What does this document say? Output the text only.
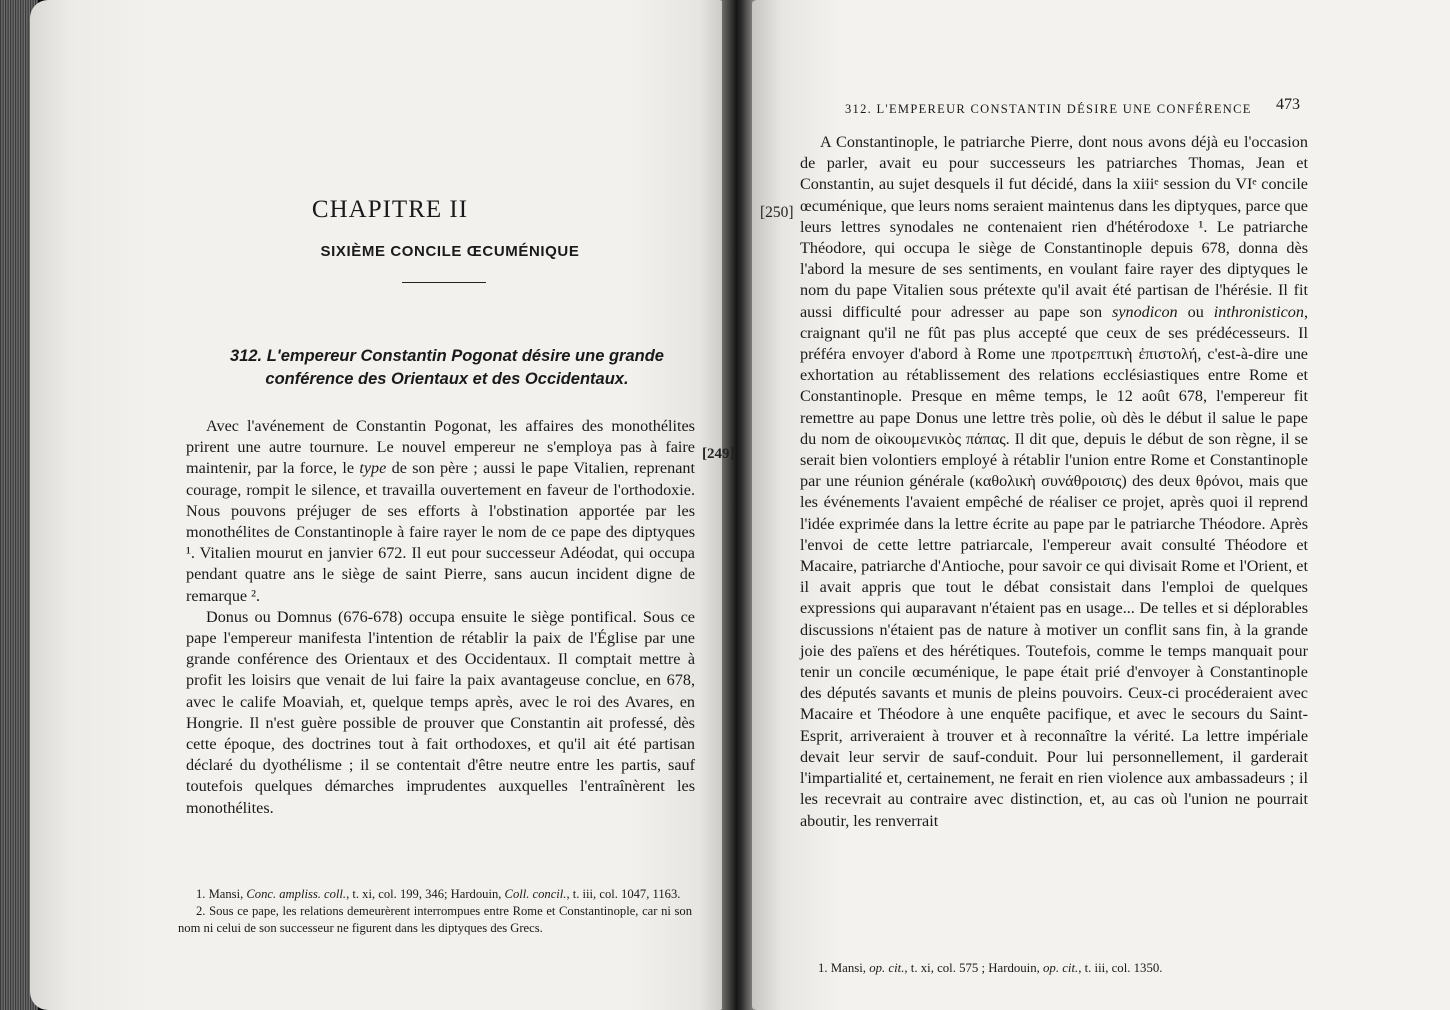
CHAPITRE II
SIXIÈME CONCILE ŒCUMÉNIQUE
312. L'empereur Constantin Pogonat désire une grande conférence des Orientaux et des Occidentaux.
[249]

Avec l'avénement de Constantin Pogonat, les affaires des monothélites prirent une autre tournure. Le nouvel empereur ne s'employa pas à faire maintenir, par la force, le type de son père ; aussi le pape Vitalien, reprenant courage, rompit le silence, et travailla ouvertement en faveur de l'orthodoxie. Nous pouvons préjuger de ses efforts à l'obstination apportée par les monothélites de Constantinople à faire rayer le nom de ce pape des diptyques ¹. Vitalien mourut en janvier 672. Il eut pour successeur Adéodat, qui occupa pendant quatre ans le siège de saint Pierre, sans aucun incident digne de remarque ².

Donus ou Domnus (676-678) occupa ensuite le siège pontifical. Sous ce pape l'empereur manifesta l'intention de rétablir la paix de l'Église par une grande conférence des Orientaux et des Occidentaux. Il comptait mettre à profit les loisirs que venait de lui faire la paix avantageuse conclue, en 678, avec le calife Moaviah, et, quelque temps après, avec le roi des Avares, en Hongrie. Il n'est guère possible de prouver que Constantin ait professé, dès cette époque, des doctrines tout à fait orthodoxes, et qu'il ait été partisan déclaré du dyothélisme ; il se contentait d'être neutre entre les partis, sauf toutefois quelques démarches imprudentes auxquelles l'entraînèrent les monothélites.

1. Mansi, Conc. ampliss. coll., t. xi, col. 199, 346; Hardouin, Coll. concil., t. iii, col. 1047, 1163.

2. Sous ce pape, les relations demeurèrent interrompues entre Rome et Constantinople, car ni son nom ni celui de son successeur ne figurent dans les diptyques des Grecs.

312. L'EMPEREUR CONSTANTIN DÉSIRE UNE CONFÉRENCE 473
[250]

A Constantinople, le patriarche Pierre, dont nous avons déjà eu l'occasion de parler, avait eu pour successeurs les patriarches Thomas, Jean et Constantin, au sujet desquels il fut décidé, dans la xiiiᵉ session du VIᵉ concile œcuménique, que leurs noms seraient maintenus dans les diptyques, parce que leurs lettres synodales ne contenaient rien d'hétérodoxe ¹. Le patriarche Théodore, qui occupa le siège de Constantinople depuis 678, donna dès l'abord la mesure de ses sentiments, en voulant faire rayer des diptyques le nom du pape Vitalien sous prétexte qu'il avait été partisan de l'hérésie. Il fit aussi difficulté pour adresser au pape son synodicon ou inthronisticon, craignant qu'il ne fût pas plus accepté que ceux de ses prédécesseurs. Il préféra envoyer d'abord à Rome une προτρεπτικὴ ἐπιστολή, c'est-à-dire une exhortation au rétablissement des relations ecclésiastiques entre Rome et Constantinople. Presque en même temps, le 12 août 678, l'empereur fit remettre au pape Donus une lettre très polie, où dès le début il salue le pape du nom de οἰκουμενικὸς πάπας. Il dit que, depuis le début de son règne, il se serait bien volontiers employé à rétablir l'union entre Rome et Constantinople par une réunion générale (καθολικὴ συνάθροισις) des deux θρόνοι, mais que les événements l'avaient empêché de réaliser ce projet, après quoi il reprend l'idée exprimée dans la lettre écrite au pape par le patriarche Théodore. Après l'envoi de cette lettre patriarcale, l'empereur avait consulté Théodore et Macaire, patriarche d'Antioche, pour savoir ce qui divisait Rome et l'Orient, et il avait appris que tout le débat consistait dans l'emploi de quelques expressions qui auparavant n'étaient pas en usage... De telles et si déplorables discussions n'étaient pas de nature à motiver un conflit sans fin, à la grande joie des païens et des hérétiques. Toutefois, comme le temps manquait pour tenir un concile œcuménique, le pape était prié d'envoyer à Constantinople des députés savants et munis de pleins pouvoirs. Ceux-ci procéderaient avec Macaire et Théodore à une enquête pacifique, et avec le secours du Saint-Esprit, arriveraient à trouver et à reconnaître la vérité. La lettre impériale devait leur servir de sauf-conduit. Pour lui personnellement, il garderait l'impartialité et, certainement, ne ferait en rien violence aux ambassadeurs ; il les recevrait au contraire avec distinction, et, au cas où l'union ne pourrait aboutir, les renverrait

1. Mansi, op. cit., t. xi, col. 575 ; Hardouin, op. cit., t. iii, col. 1350.
